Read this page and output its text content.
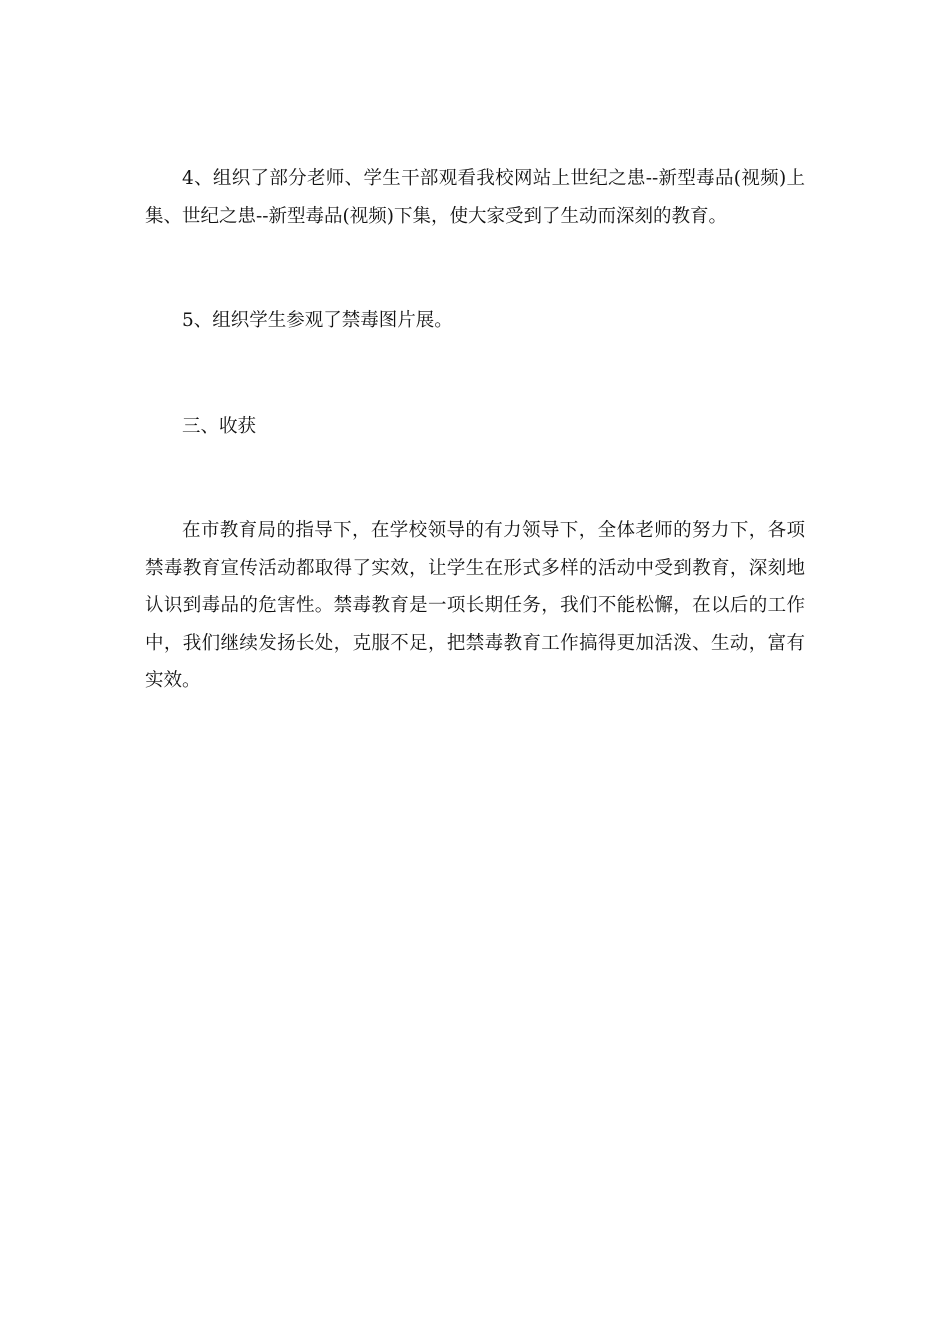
4、组织了部分老师、学生干部观看我校网站上世纪之患--新型毒品(视频)上集、世纪之患--新型毒品(视频)下集，使大家受到了生动而深刻的教育。

5、组织学生参观了禁毒图片展。

三、收获

在市教育局的指导下，在学校领导的有力领导下，全体老师的努力下，各项禁毒教育宣传活动都取得了实效，让学生在形式多样的活动中受到教育，深刻地认识到毒品的危害性。禁毒教育是一项长期任务，我们不能松懈，在以后的工作中，我们继续发扬长处，克服不足，把禁毒教育工作搞得更加活泼、生动，富有实效。
